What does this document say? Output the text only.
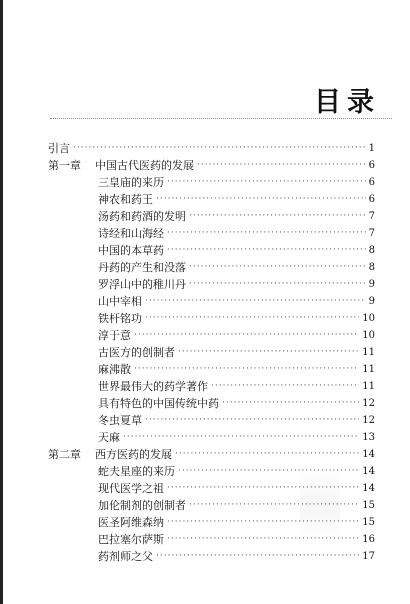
目录
引言 ·····	1
第一章 中国古代医药的发展 ·····	6
三皇庙的来历 ·····	6
神农和药王 ·····	6
汤药和药酒的发明 ·····	7
诗经和山海经 ·····	7
中国的本草药 ·····	8
丹药的产生和没落 ·····	8
罗浮山中的稚川丹 ·····	9
山中宰相 ·····	9
铁杆铭功 ·····	10
淳于意 ·····	10
古医方的创制者 ·····	11
麻沸散 ·····	11
世界最伟大的药学著作 ·····	11
具有特色的中国传统中药 ·····	12
冬虫夏草 ·····	12
天麻 ·····	13
第二章 西方医药的发展 ·····	14
蛇夫星座的来历 ·····	14
现代医学之祖 ·····	14
加伦制剂的创制者 ·····	15
医圣阿维森纳 ·····	15
巴拉塞尔萨斯 ·····	16
药剂师之父 ·····	17
